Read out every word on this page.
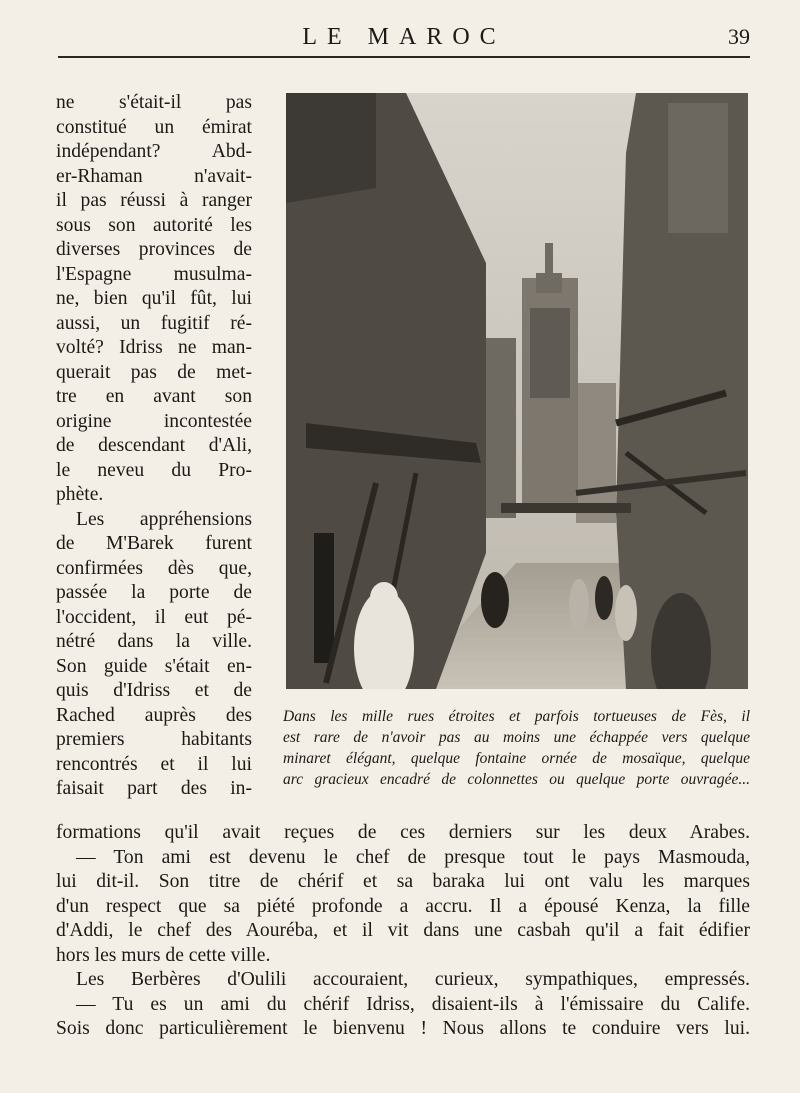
LE MAROC	39
ne s'était-il pas
constitué un émirat
indépendant? Abd-
er-Rhaman n'avait-
il pas réussi à ranger
sous son autorité les
diverses provinces de
l'Espagne musulma-
ne, bien qu'il fût, lui
aussi, un fugitif ré-
volté? Idriss ne man-
querait pas de met-
tre en avant son
origine incontestée
de descendant d'Ali,
le neveu du Pro-
phète.
Les appréhensions
de M'Barek furent
confirmées dès que,
passée la porte de
l'occident, il eut pé-
nétré dans la ville.
Son guide s'était en-
quis d'Idriss et de
Rached auprès des
premiers habitants
rencontrés et il lui
faisait part des in-
Dans les mille rues étroites et parfois tortueuses de Fès, il
est rare de n'avoir pas au moins une échappée vers quelque
minaret élégant, quelque fontaine ornée de mosaïque, quelque
arc gracieux encadré de colonnettes ou quelque porte ouvragée...
formations qu'il avait reçues de ces derniers sur les deux Arabes.
— Ton ami est devenu le chef de presque tout le pays Masmouda,
lui dit-il. Son titre de chérif et sa baraka lui ont valu les marques
d'un respect que sa piété profonde a accru. Il a épousé Kenza, la fille
d'Addi, le chef des Aouréba, et il vit dans une casbah qu'il a fait édifier
hors les murs de cette ville.
Les Berbères d'Oulili accouraient, curieux, sympathiques, empressés.
— Tu es un ami du chérif Idriss, disaient-ils à l'émissaire du Calife.
Sois donc particulièrement le bienvenu ! Nous allons te conduire vers lui.
